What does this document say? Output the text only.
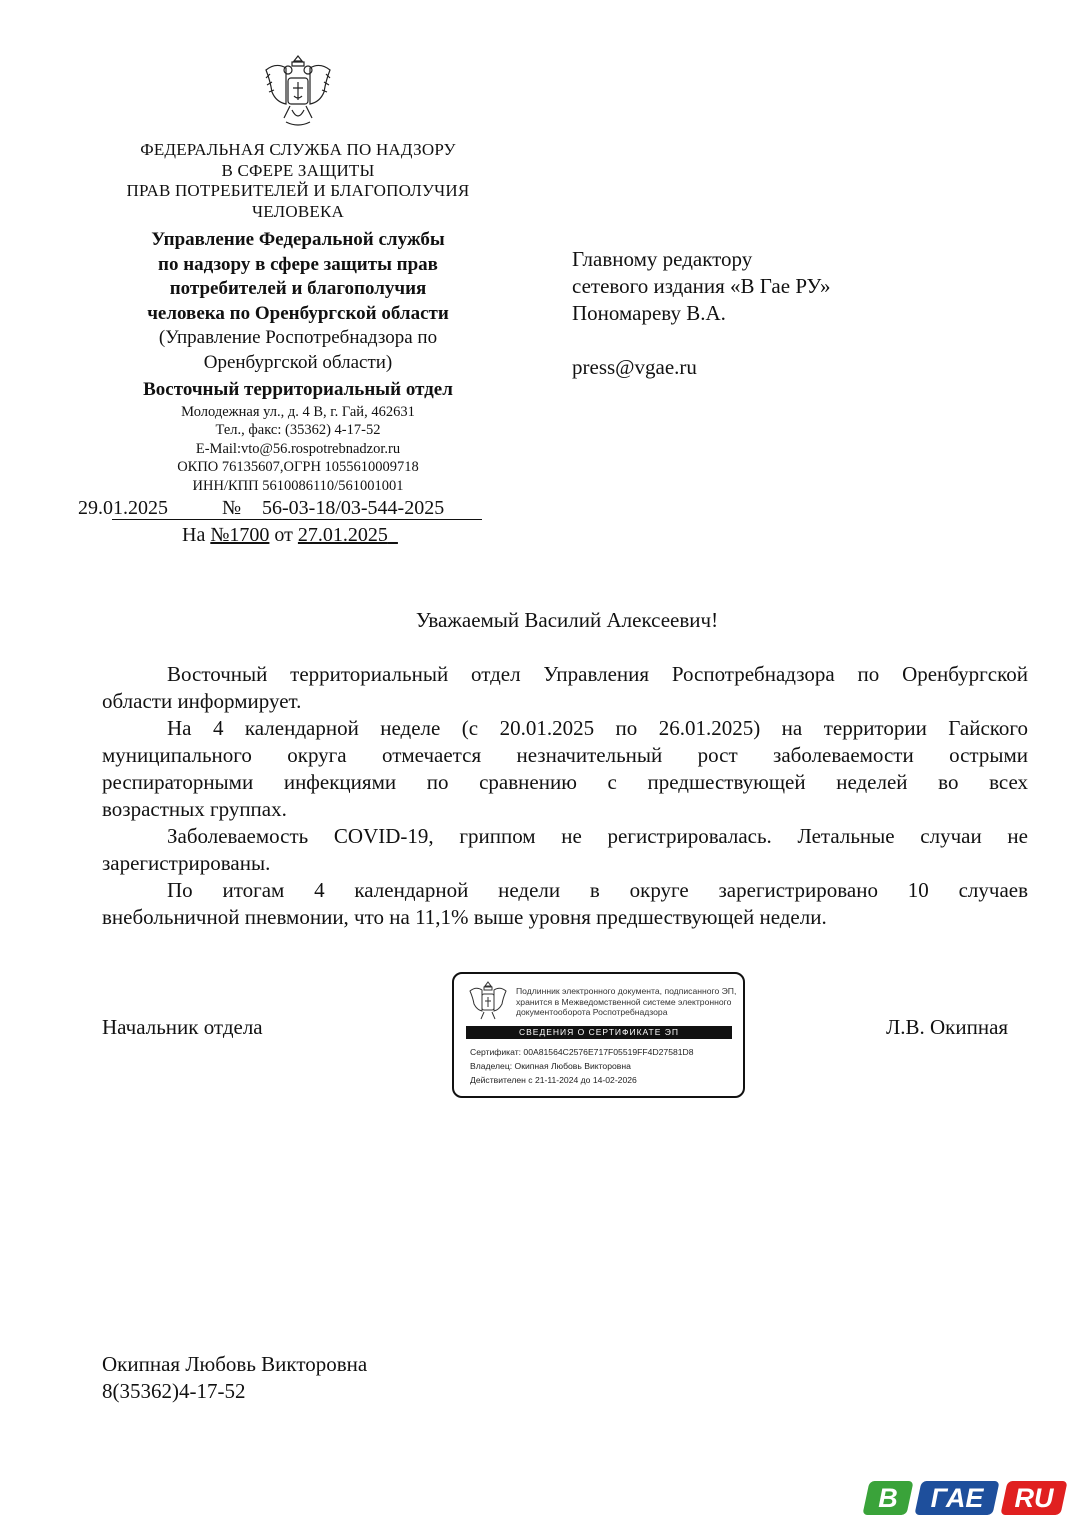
ФЕДЕРАЛЬНАЯ СЛУЖБА ПО НАДЗОРУ
В СФЕРЕ ЗАЩИТЫ
ПРАВ ПОТРЕБИТЕЛЕЙ И БЛАГОПОЛУЧИЯ
ЧЕЛОВЕКА
Управление Федеральной службы
по надзору в сфере защиты прав
потребителей и благополучия
человека по Оренбургской области
(Управление Роспотребнадзора по
Оренбургской области)
Восточный территориальный отдел
Молодежная ул., д. 4 В, г. Гай, 462631
Тел., факс: (35362) 4-17-52
E-Mail:vto@56.rospotrebnadzor.ru
ОКПО 76135607,ОГРН 1055610009718
ИНН/КПП 5610086110/561001001
29.01.2025	№ 56-03-18/03-544-2025
На №1700 от 27.01.2025
Главному редактору
сетевого издания «В Гае РУ»
Пономареву В.А.
press@vgae.ru
Уважаемый Василий Алексеевич!
Восточный территориальный отдел Управления Роспотребнадзора по Оренбургской
области информирует.
На 4 календарной неделе (с 20.01.2025 по 26.01.2025) на территории Гайского
муниципального округа отмечается незначительный рост заболеваемости острыми
респираторными инфекциями по сравнению с предшествующей неделей во всех
возрастных группах.
Заболеваемость COVID-19, гриппом не регистрировалась. Летальные случаи не
зарегистрированы.
По итогам 4 календарной недели в округе зарегистрировано 10 случаев
внебольничной пневмонии, что на 11,1% выше уровня предшествующей недели.
Начальник отдела	Л.В. Окипная
Подлинник электронного документа, подписанного ЭП,
хранится в Межведомственной системе электронного
документооборота Роспотребнадзора
СВЕДЕНИЯ О СЕРТИФИКАТЕ ЭП
Сертификат: 00A81564C2576E717F05519FF4D27581D8
Владелец: Окипная Любовь Викторовна
Действителен с 21-11-2024 до 14-02-2026
Окипная Любовь Викторовна
8(35362)4-17-52
В	ГАЕ	RU
